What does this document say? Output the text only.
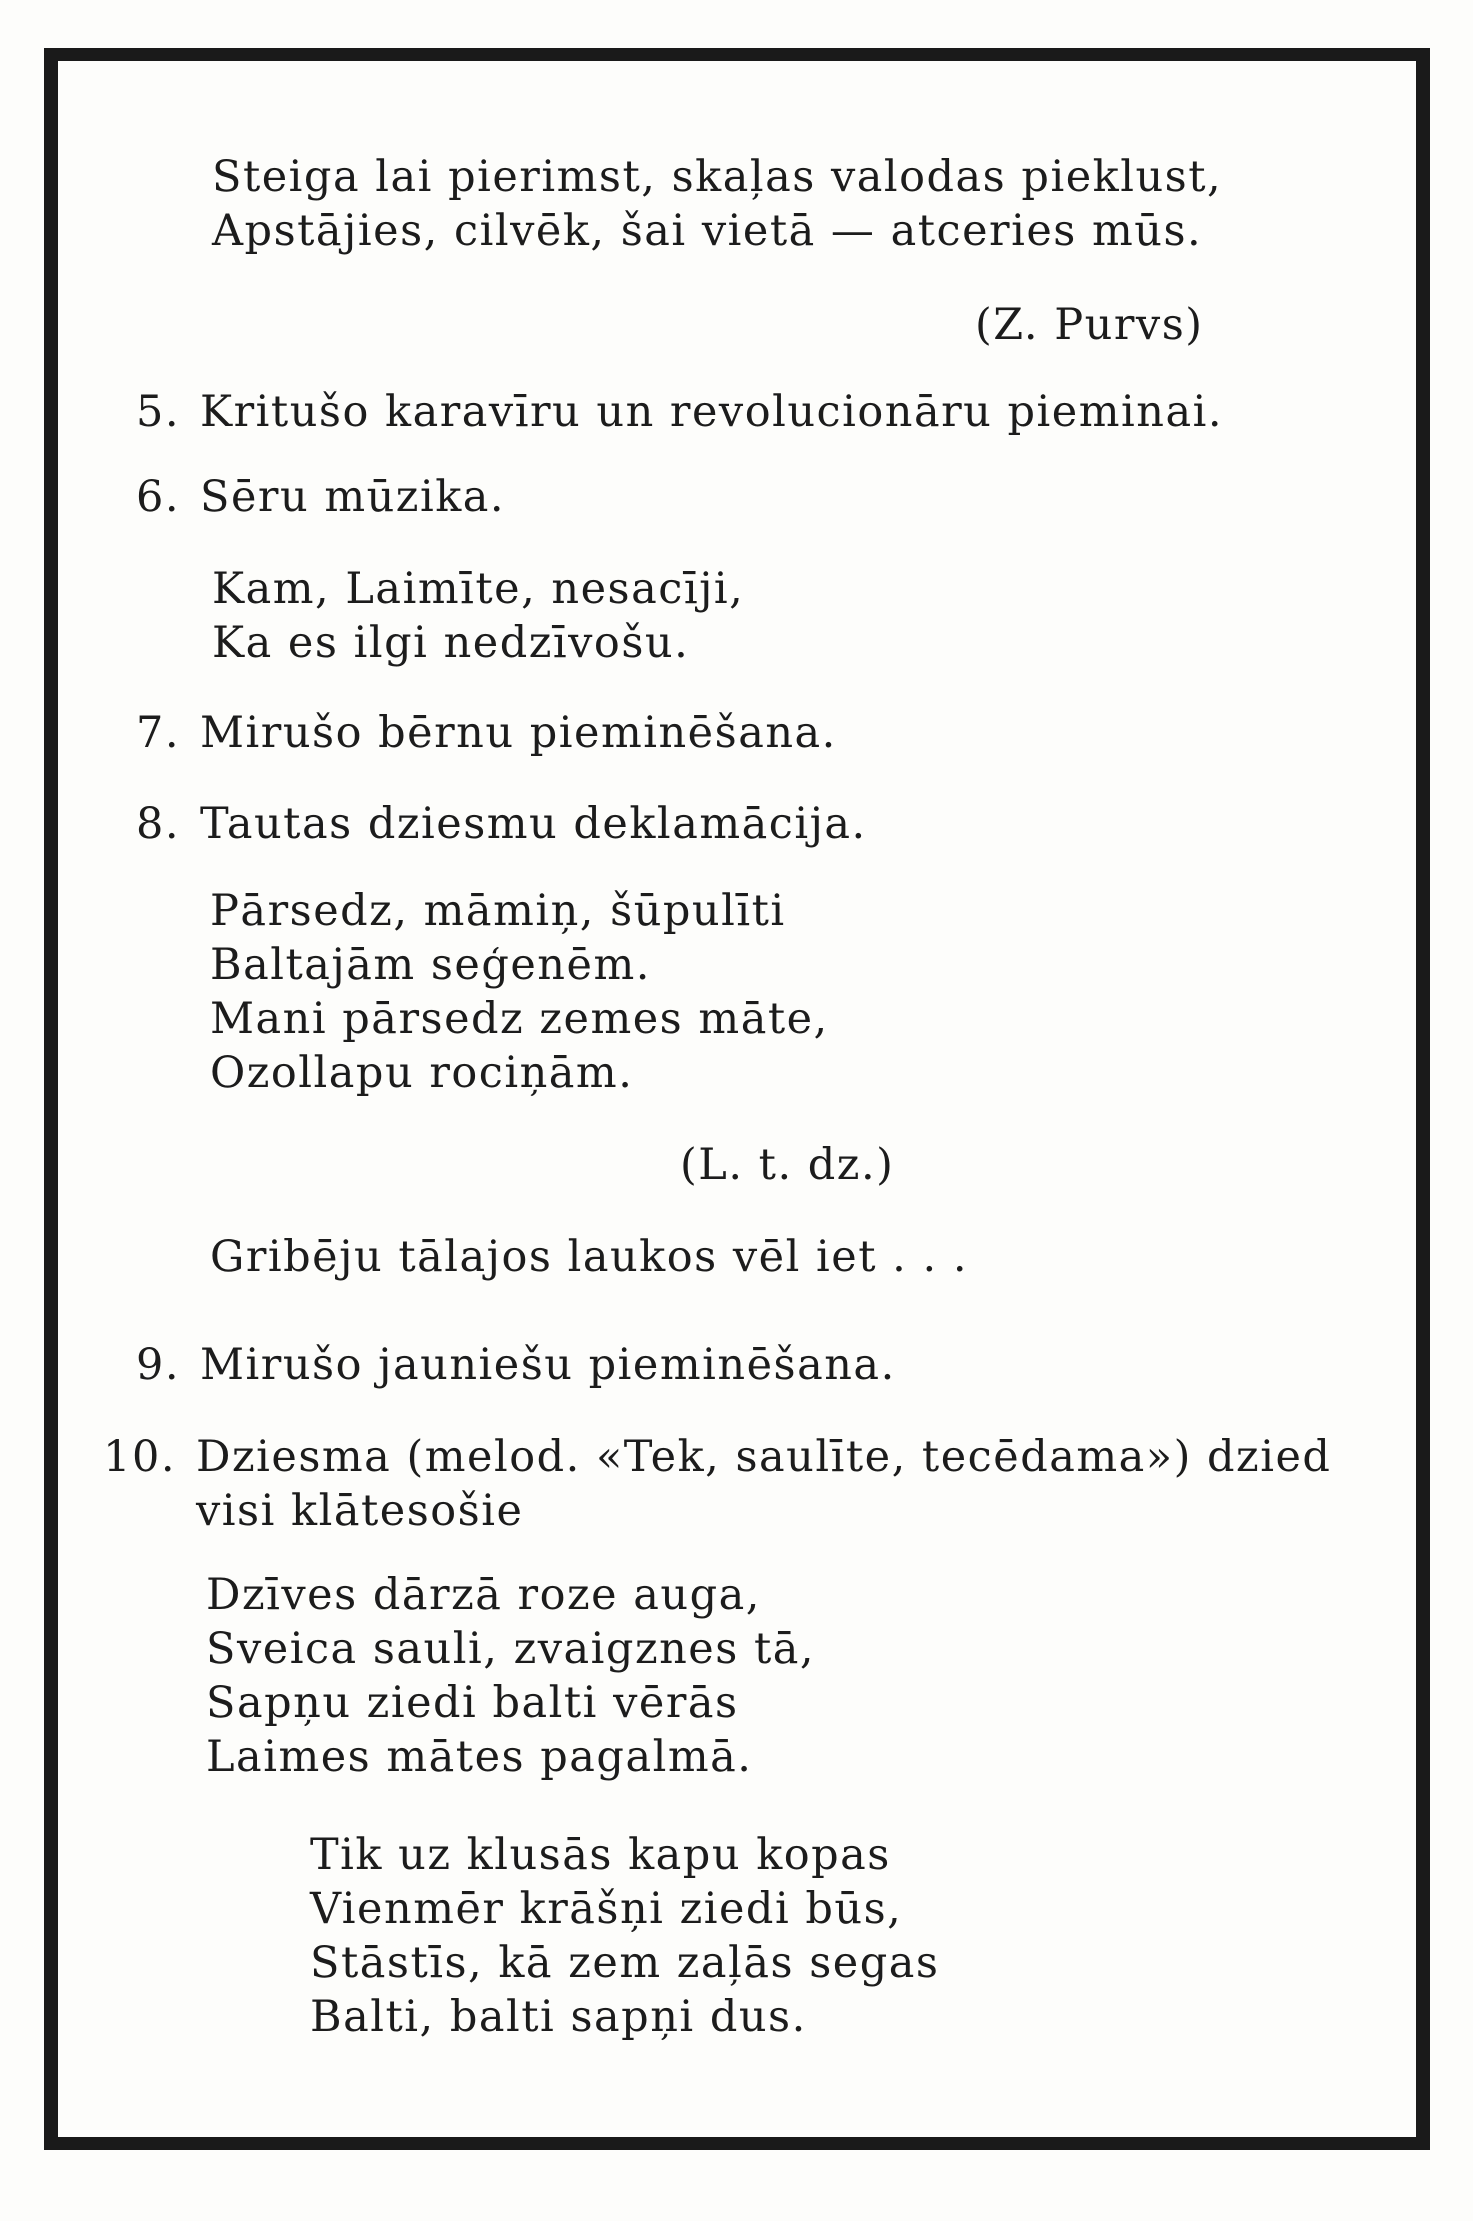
Steiga lai pierimst, skaļas valodas pieklust,
Apstājies, cilvēk, šai vietā — atceries mūs.
(Z. Purvs)
5. Kritušo karavīru un revolucionāru pieminai.
6. Sēru mūzika.
Kam, Laimīte, nesacīji,
Ka es ilgi nedzīvošu.
7. Mirušo bērnu pieminēšana.
8. Tautas dziesmu deklamācija.
Pārsedz, māmiņ, šūpulīti
Baltajām seģenēm.
Mani pārsedz zemes māte,
Ozollapu rociņām.
(L. t. dz.)
Gribēju tālajos laukos vēl iet . . .
9. Mirušo jauniešu pieminēšana.
10. Dziesma (melod. «Tek, saulīte, tecēdama») dzied
visi klātesošie
Dzīves dārzā roze auga,
Sveica sauli, zvaigznes tā,
Sapņu ziedi balti vērās
Laimes mātes pagalmā.
Tik uz klusās kapu kopas
Vienmēr krāšņi ziedi būs,
Stāstīs, kā zem zaļās segas
Balti, balti sapņi dus.
